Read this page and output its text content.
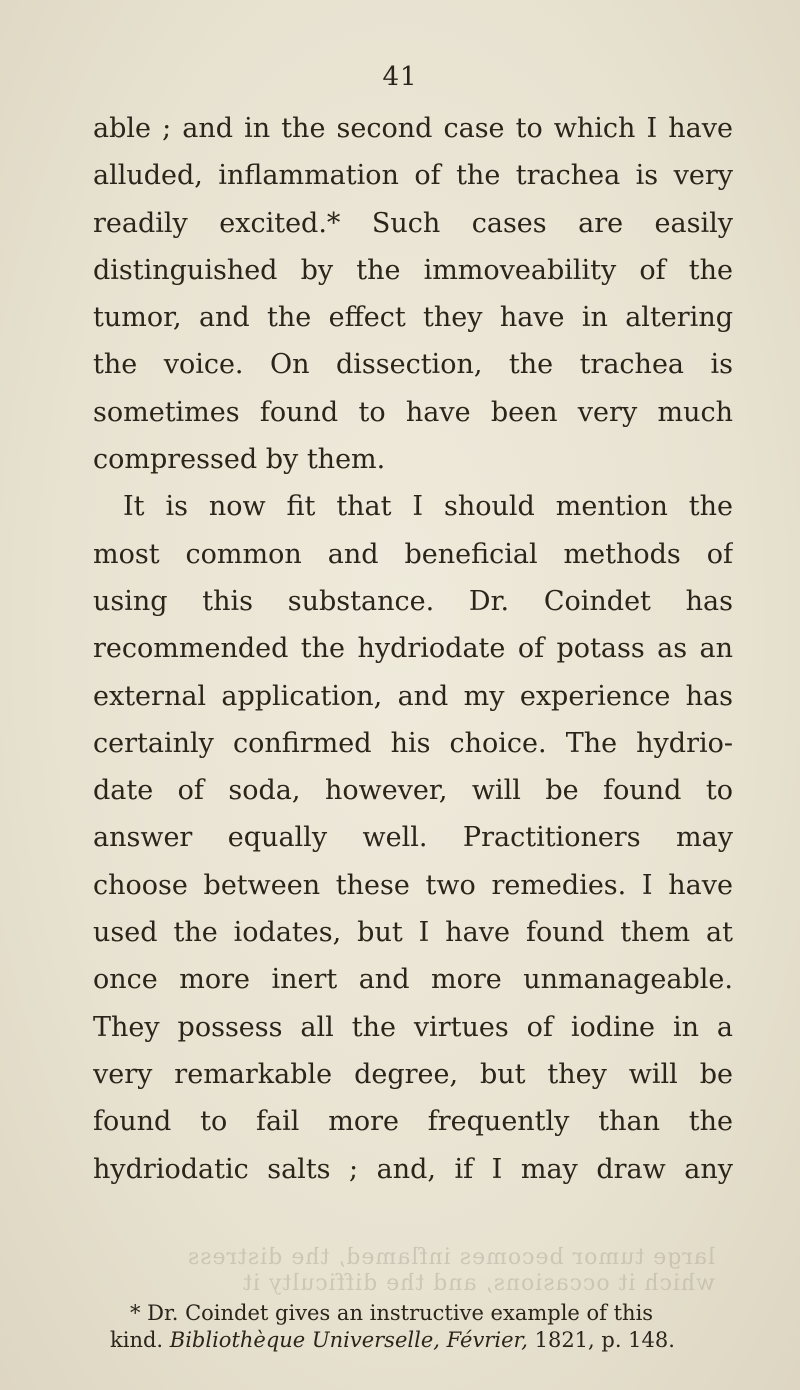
41
able ; and in the second case to which I have
alluded, inflammation of the trachea is very
readily excited.* Such cases are easily
distinguished by the immoveability of the
tumor, and the effect they have in altering
the voice. On dissection, the trachea is
sometimes found to have been very much
compressed by them.
It is now fit that I should mention the
most common and beneficial methods of
using this substance. Dr. Coindet has
recommended the hydriodate of potass as an
external application, and my experience has
certainly confirmed his choice. The hydrio-
date of soda, however, will be found to
answer equally well. Practitioners may
choose between these two remedies. I have
used the iodates, but I have found them at
once more inert and more unmanageable.
They possess all the virtues of iodine in a
very remarkable degree, but they will be
found to fail more frequently than the
hydriodatic salts ; and, if I may draw any
large tumor becomes inflamed, the distress
which it occasions, and the difficulty it
* Dr. Coindet gives an instructive example of this
kind. Bibliothèque Universelle, Février, 1821, p. 148.
